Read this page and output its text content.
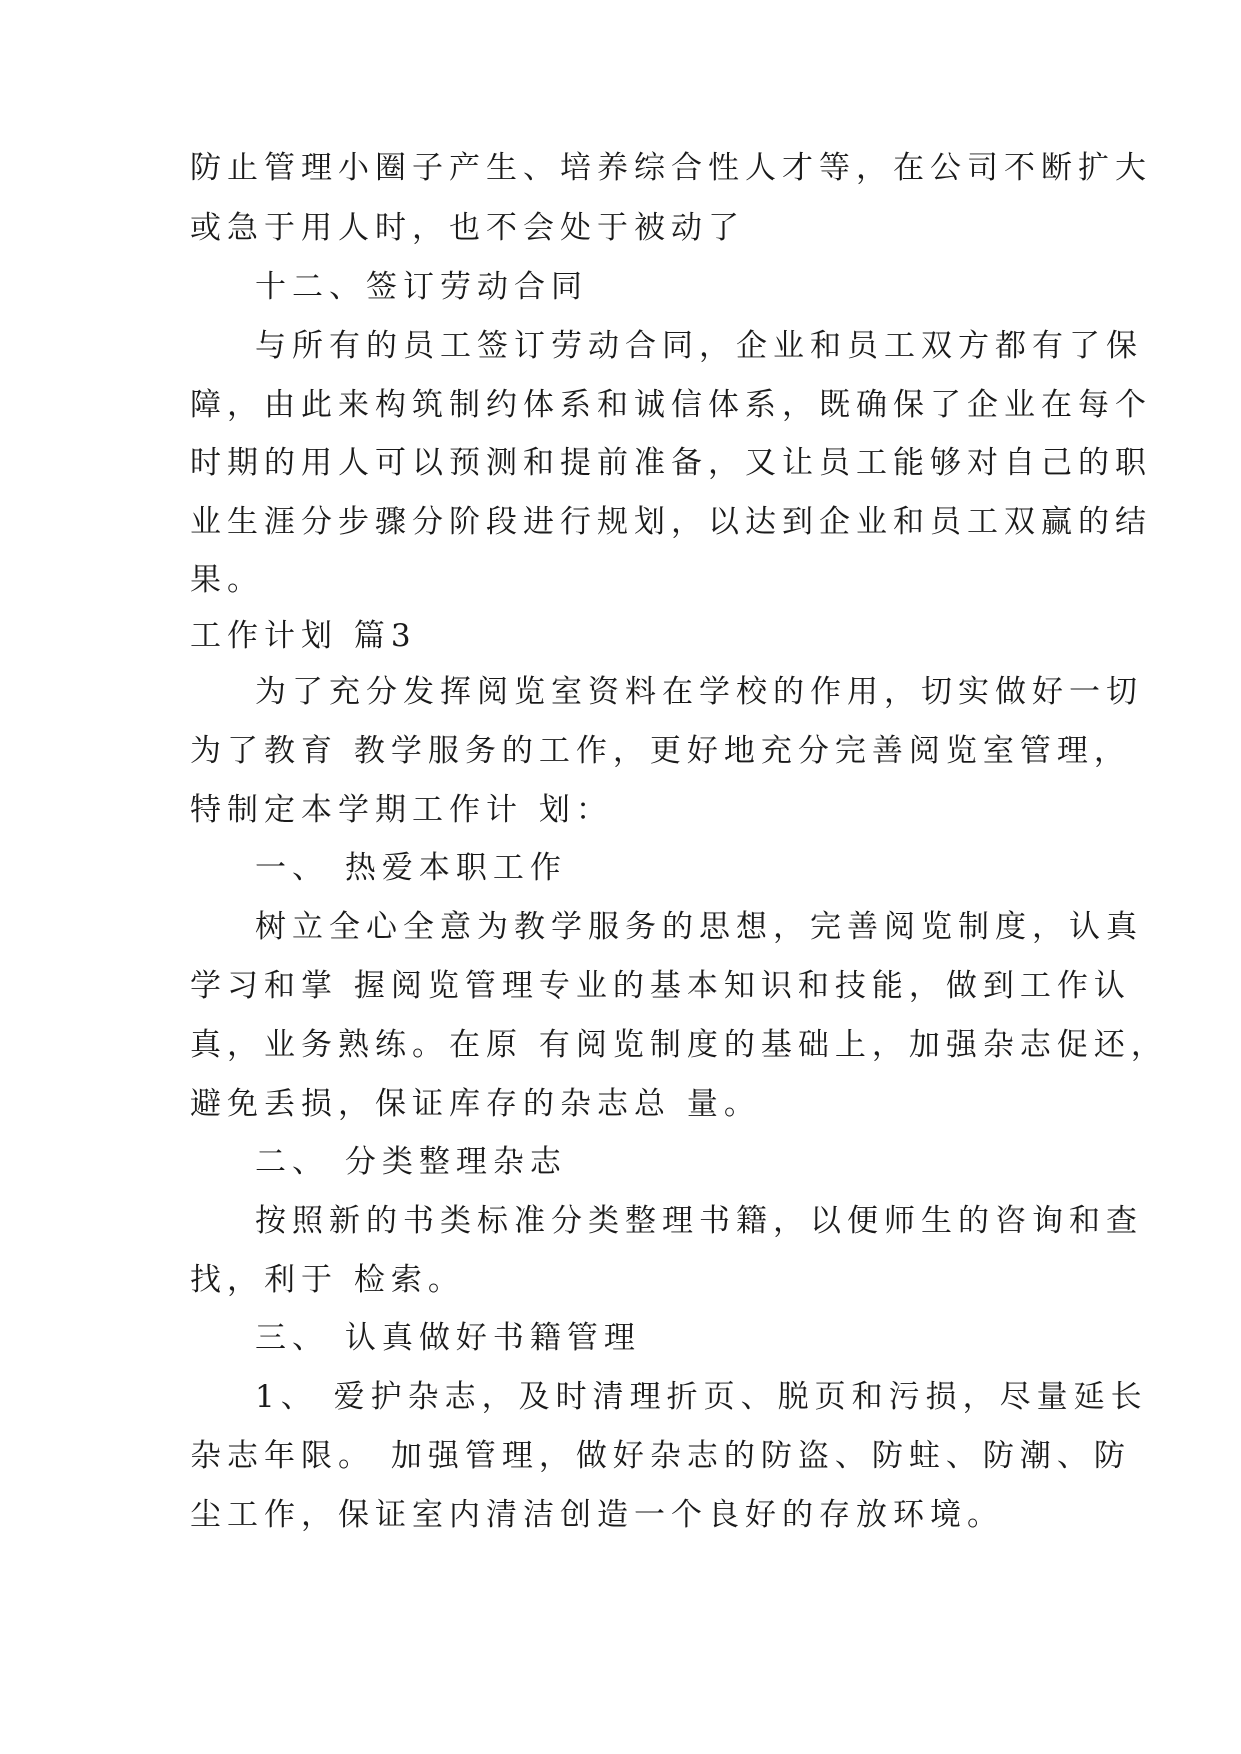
防止管理小圈子产生、培养综合性人才等，在公司不断扩大
或急于用人时，也不会处于被动了
十二、签订劳动合同
与所有的员工签订劳动合同，企业和员工双方都有了保
障，由此来构筑制约体系和诚信体系，既确保了企业在每个
时期的用人可以预测和提前准备，又让员工能够对自己的职
业生涯分步骤分阶段进行规划，以达到企业和员工双赢的结
果。
工作计划 篇3
为了充分发挥阅览室资料在学校的作用，切实做好一切
为了教育 教学服务的工作，更好地充分完善阅览室管理，
特制定本学期工作计 划：
一、 热爱本职工作
树立全心全意为教学服务的思想，完善阅览制度，认真
学习和掌 握阅览管理专业的基本知识和技能，做到工作认
真，业务熟练。在原 有阅览制度的基础上，加强杂志促还，
避免丢损，保证库存的杂志总 量。
二、 分类整理杂志
按照新的书类标准分类整理书籍，以便师生的咨询和查
找，利于 检索。
三、 认真做好书籍管理
1、 爱护杂志，及时清理折页、脱页和污损，尽量延长
杂志年限。 加强管理，做好杂志的防盗、防蛀、防潮、防
尘工作，保证室内清洁创造一个良好的存放环境。
